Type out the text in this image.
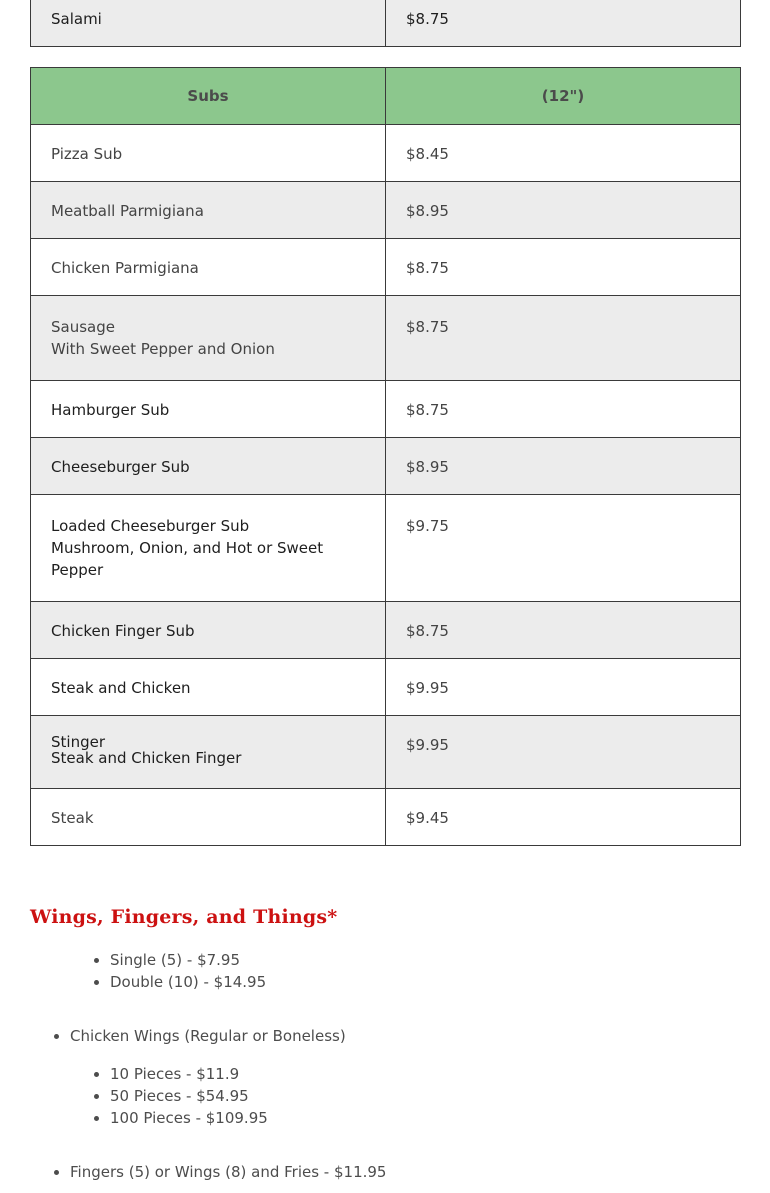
Salami	$8.75
Subs	(12")
Pizza Sub	$8.45
Meatball Parmigiana	$8.95
Chicken Parmigiana	$8.75

Sausage
With Sweet Pepper and Onion	$8.75
Hamburger Sub	$8.75
Cheeseburger Sub	$8.95

Loaded Cheeseburger Sub
Mushroom, Onion, and Hot or Sweet Pepper	$9.75
Chicken Finger Sub	$8.75
Steak and Chicken	$9.95

Stinger
Steak and Chicken Finger	$9.95
Steak	$9.45
Wings, Fingers, and Things*
• Single (5) - $7.95
• Double (10) - $14.95
• Chicken Wings (Regular or Boneless)
• 10 Pieces - $11.9
• 50 Pieces - $54.95
• 100 Pieces - $109.95
• Fingers (5) or Wings (8) and Fries - $11.95
